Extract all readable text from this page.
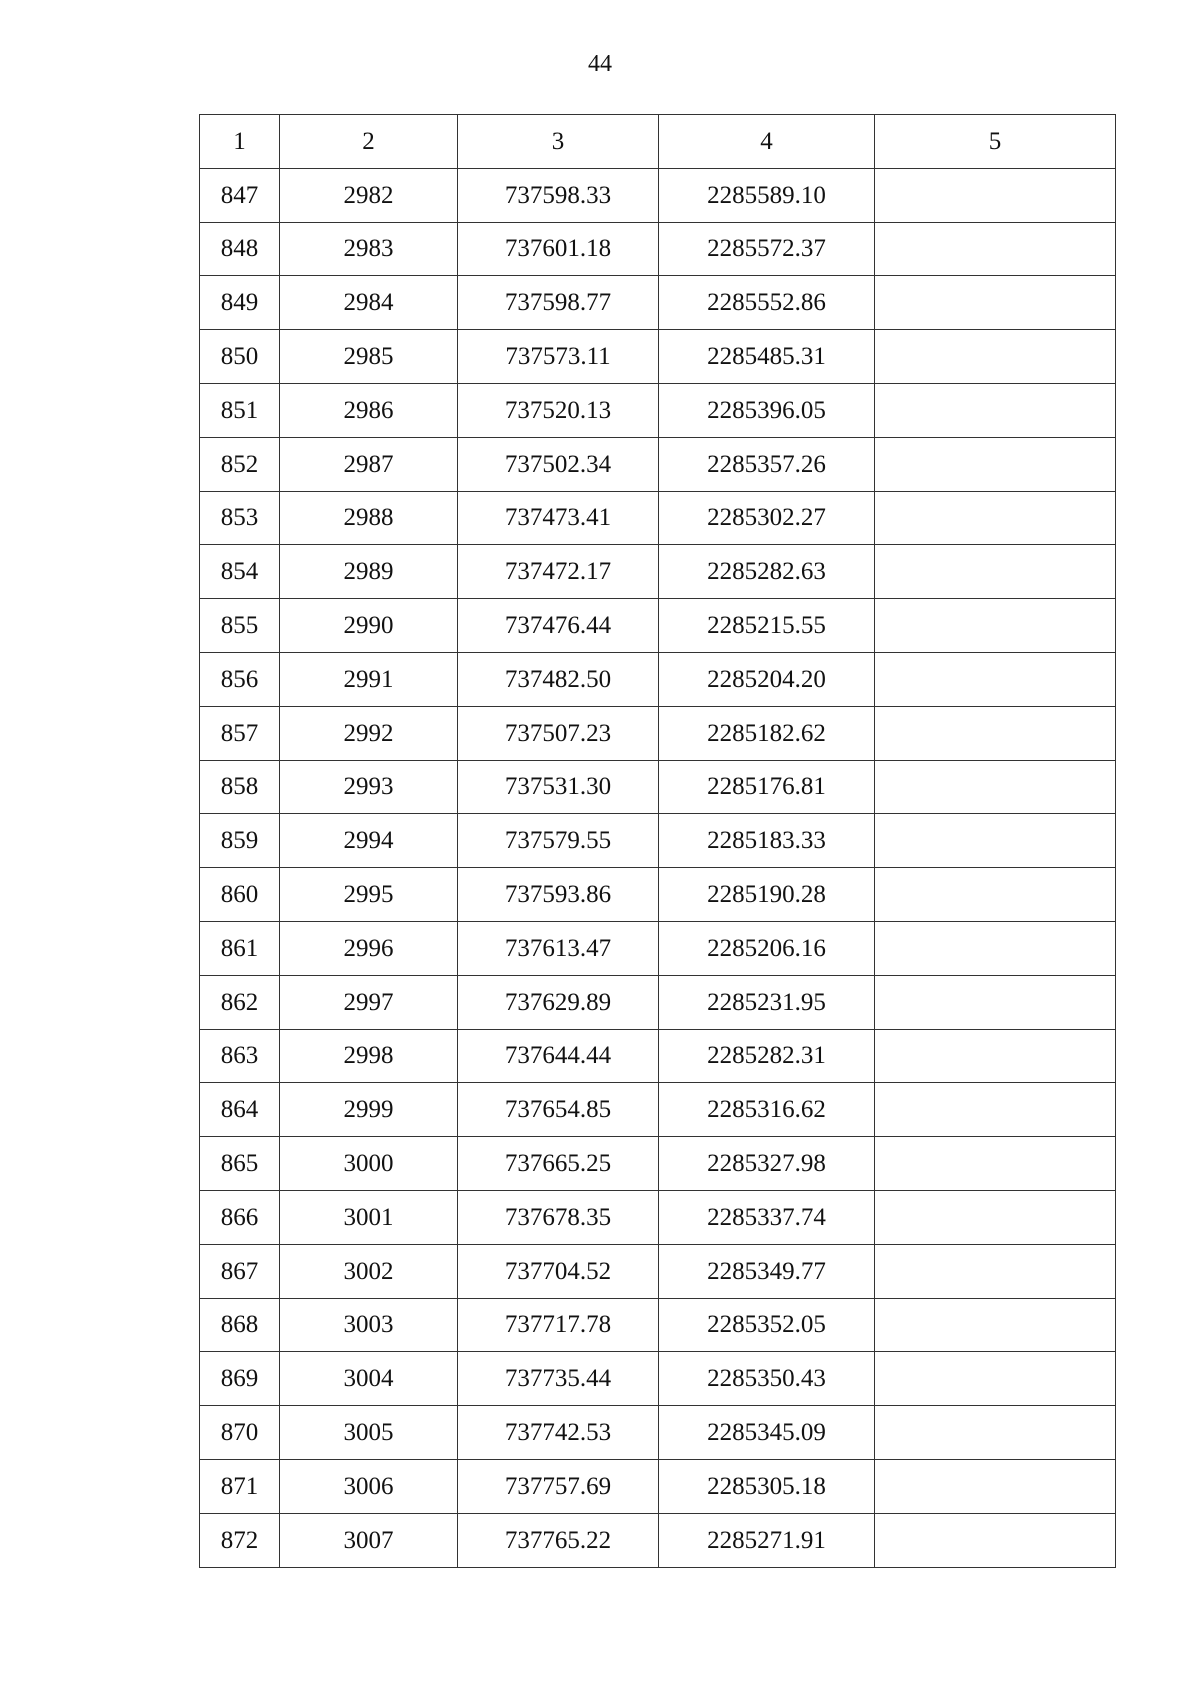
44
1	2	3	4	5
847	2982	737598.33	2285589.10	
848	2983	737601.18	2285572.37	
849	2984	737598.77	2285552.86	
850	2985	737573.11	2285485.31	
851	2986	737520.13	2285396.05	
852	2987	737502.34	2285357.26	
853	2988	737473.41	2285302.27	
854	2989	737472.17	2285282.63	
855	2990	737476.44	2285215.55	
856	2991	737482.50	2285204.20	
857	2992	737507.23	2285182.62	
858	2993	737531.30	2285176.81	
859	2994	737579.55	2285183.33	
860	2995	737593.86	2285190.28	
861	2996	737613.47	2285206.16	
862	2997	737629.89	2285231.95	
863	2998	737644.44	2285282.31	
864	2999	737654.85	2285316.62	
865	3000	737665.25	2285327.98	
866	3001	737678.35	2285337.74	
867	3002	737704.52	2285349.77	
868	3003	737717.78	2285352.05	
869	3004	737735.44	2285350.43	
870	3005	737742.53	2285345.09	
871	3006	737757.69	2285305.18	
872	3007	737765.22	2285271.91	
